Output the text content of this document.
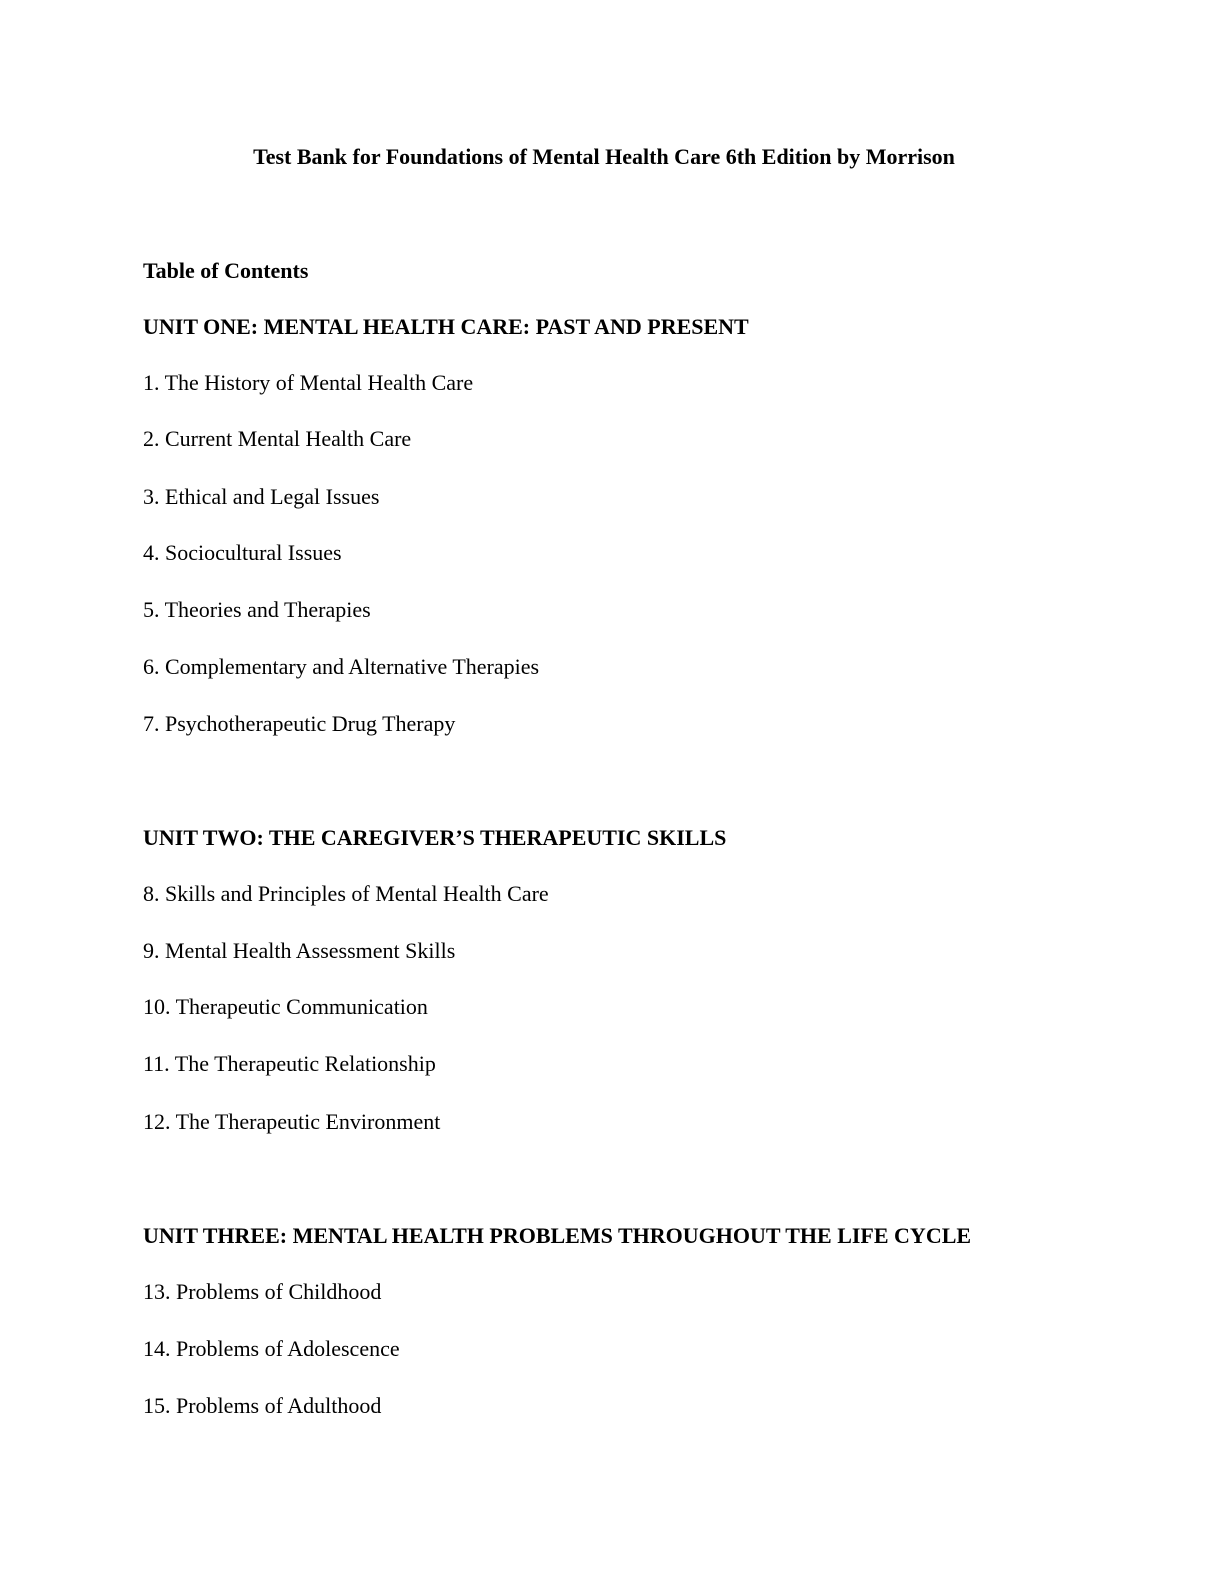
Test Bank for Foundations of Mental Health Care 6th Edition by Morrison
Table of Contents
UNIT ONE: MENTAL HEALTH CARE: PAST AND PRESENT
1. The History of Mental Health Care
2. Current Mental Health Care
3. Ethical and Legal Issues
4. Sociocultural Issues
5. Theories and Therapies
6. Complementary and Alternative Therapies
7. Psychotherapeutic Drug Therapy
UNIT TWO: THE CAREGIVER’S THERAPEUTIC SKILLS
8. Skills and Principles of Mental Health Care
9. Mental Health Assessment Skills
10. Therapeutic Communication
11. The Therapeutic Relationship
12. The Therapeutic Environment
UNIT THREE: MENTAL HEALTH PROBLEMS THROUGHOUT THE LIFE CYCLE
13. Problems of Childhood
14. Problems of Adolescence
15. Problems of Adulthood
